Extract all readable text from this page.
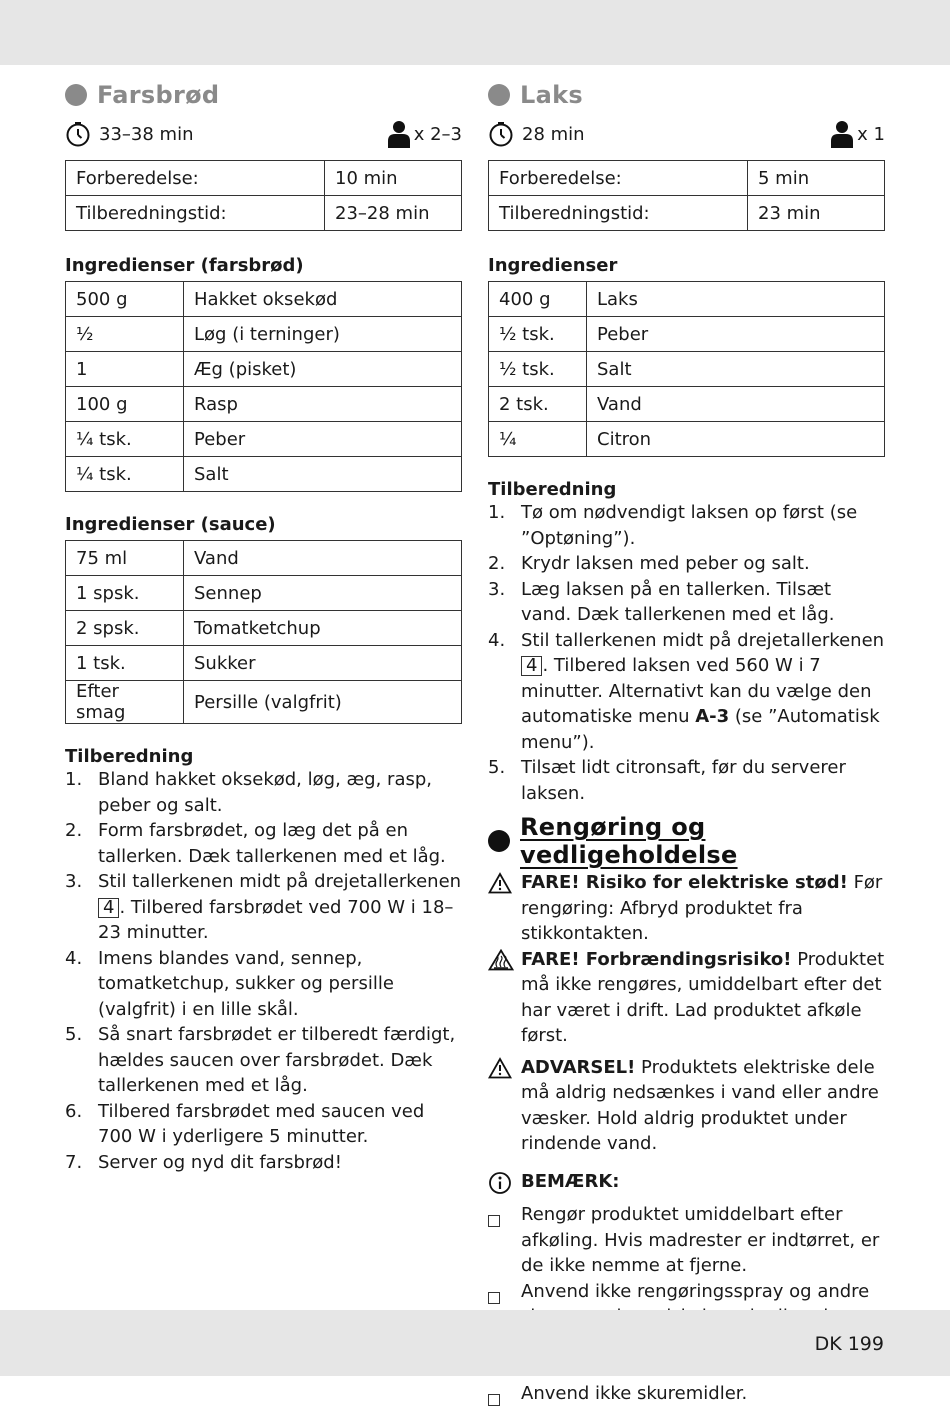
Farsbrød
33–38 min	x 2–3
Forberedelse:	10 min
Tilberedningstid:	23–28 min
Ingredienser (farsbrød)
500 g	Hakket oksekød
½	Løg (i terninger)
1	Æg (pisket)
100 g	Rasp
¼ tsk.	Peber
¼ tsk.	Salt
Ingredienser (sauce)
75 ml	Vand
1 spsk.	Sennep
2 spsk.	Tomatketchup
1 tsk.	Sukker
Efter smag	Persille (valgfrit)
Tilberedning
1. Bland hakket oksekød, løg, æg, rasp, peber og salt.
2. Form farsbrødet, og læg det på en tallerken. Dæk tallerkenen med et låg.
3. Stil tallerkenen midt på drejetallerkenen 4 . Tilbered farsbrødet ved 700 W i 18–23 minutter.
4. Imens blandes vand, sennep, tomatketchup, sukker og persille (valgfrit) i en lille skål.
5. Så snart farsbrødet er tilberedt færdigt, hældes saucen over farsbrødet. Dæk tallerkenen med et låg.
6. Tilbered farsbrødet med saucen ved 700 W i yderligere 5 minutter.
7. Server og nyd dit farsbrød!
Laks
28 min	x 1
Forberedelse:	5 min
Tilberedningstid:	23 min
Ingredienser
400 g	Laks
½ tsk.	Peber
½ tsk.	Salt
2 tsk.	Vand
¼	Citron
Tilberedning
1. Tø om nødvendigt laksen op først (se ”Optøning”).
2. Krydr laksen med peber og salt.
3. Læg laksen på en tallerken. Tilsæt vand. Dæk tallerkenen med et låg.
4. Stil tallerkenen midt på drejetallerkenen 4 . Tilbered laksen ved 560 W i 7 minutter. Alternativt kan du vælge den automatiske menu A-3 (se ”Automatisk menu”).
5. Tilsæt lidt citronsaft, før du serverer laksen.
Rengøring og vedligeholdelse
FARE! Risiko for elektriske stød! Før rengøring: Afbryd produktet fra stikkontakten.
FARE! Forbrændingsrisiko! Produktet må ikke rengøres, umiddelbart efter det har været i drift. Lad produktet afkøle først.
ADVARSEL! Produktets elektriske dele må aldrig nedsænkes i vand eller andre væsker. Hold aldrig produktet under rindende vand.
BEMÆRK:
Rengør produktet umiddelbart efter afkøling. Hvis madrester er indtørret, er de ikke nemme at fjerne.
Anvend ikke rengøringsspray og andre
Anvend ikke skuremidler.
DK 199
